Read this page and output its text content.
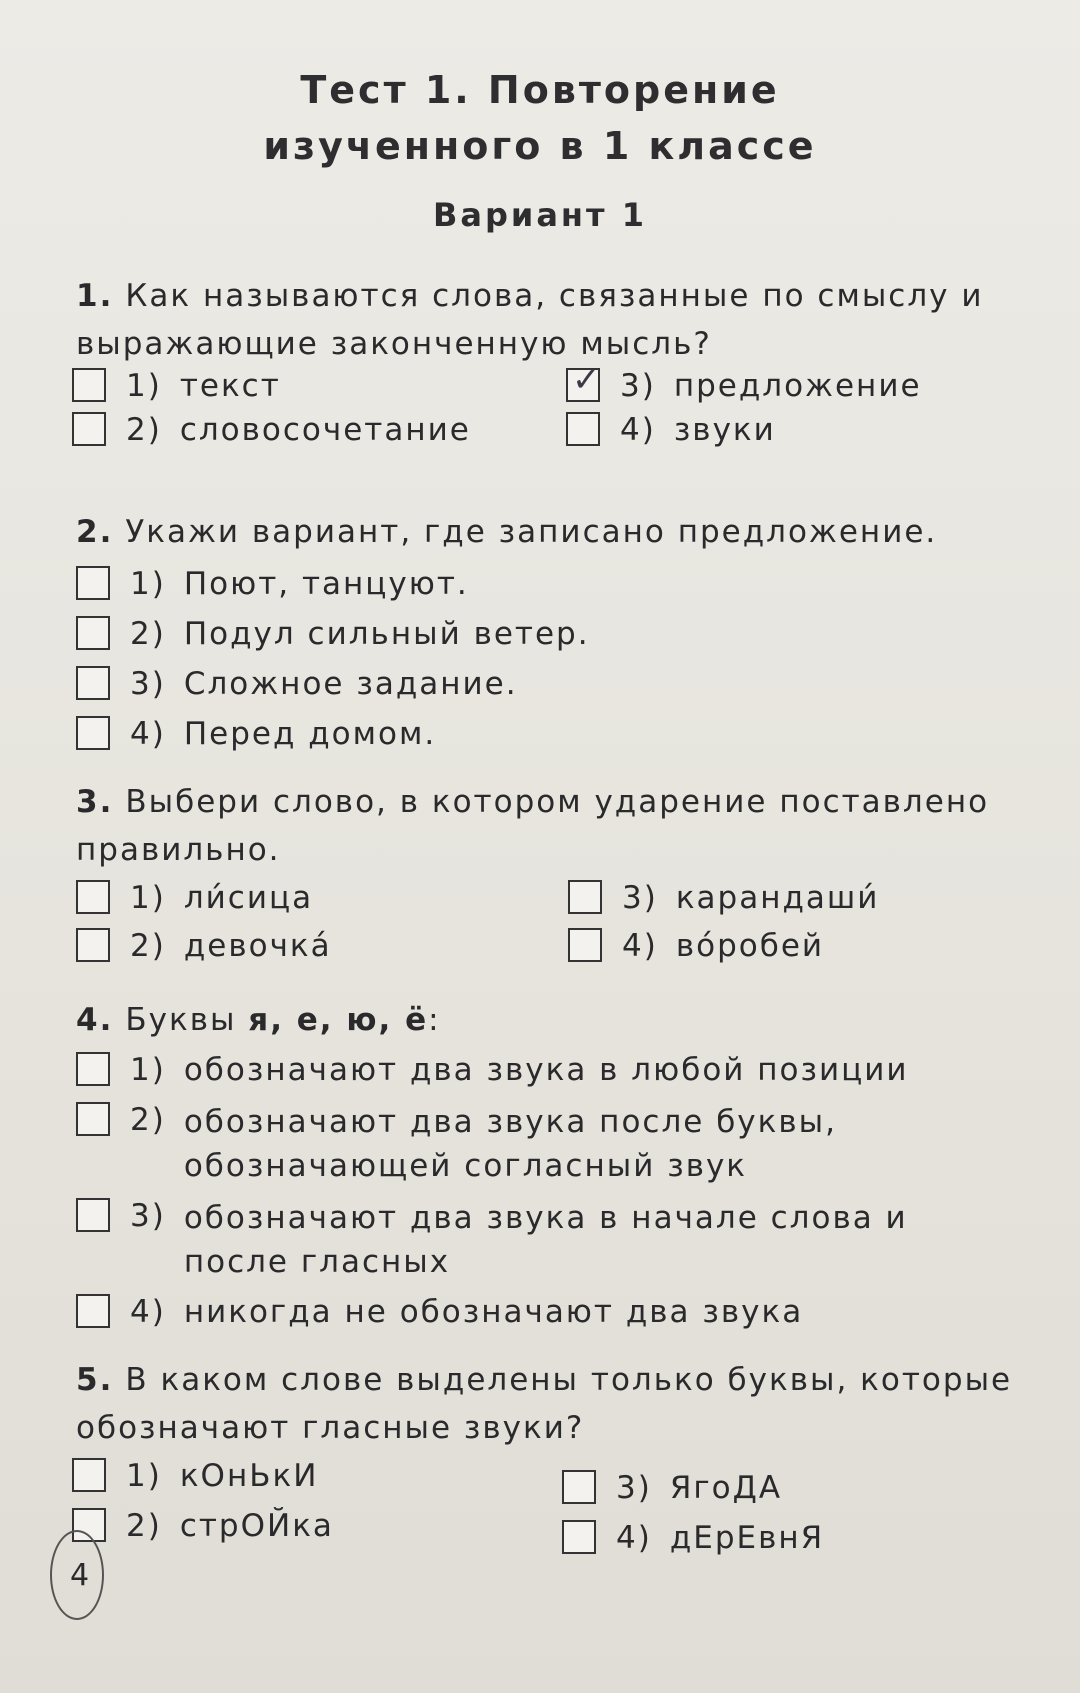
Тест 1. Повторение
изученного в 1 классе
Вариант 1
1. Как называются слова, связанные по смыслу и выражающие законченную мысль?
1) текст
2) словосочетание
✓ 3) предложение
4) звуки
2. Укажи вариант, где записано предложение.
1) Поют, танцуют.
2) Подул сильный ветер.
3) Сложное задание.
4) Перед домом.
3. Выбери слово, в котором ударение поставлено правильно.
1) ли́сица
2) девочка́
3) карандаши́
4) во́робей
4. Буквы я, е, ю, ё:
1) обозначают два звука в любой позиции
2) обозначают два звука после буквы, обозначающей согласный звук
3) обозначают два звука в начале слова и после гласных
4) никогда не обозначают два звука
5. В каком слове выделены только буквы, которые обозначают гласные звуки?
1) кОнЬкИ
2) стрОЙка
3) ЯгоДА
4) дЕрЕвнЯ
4
